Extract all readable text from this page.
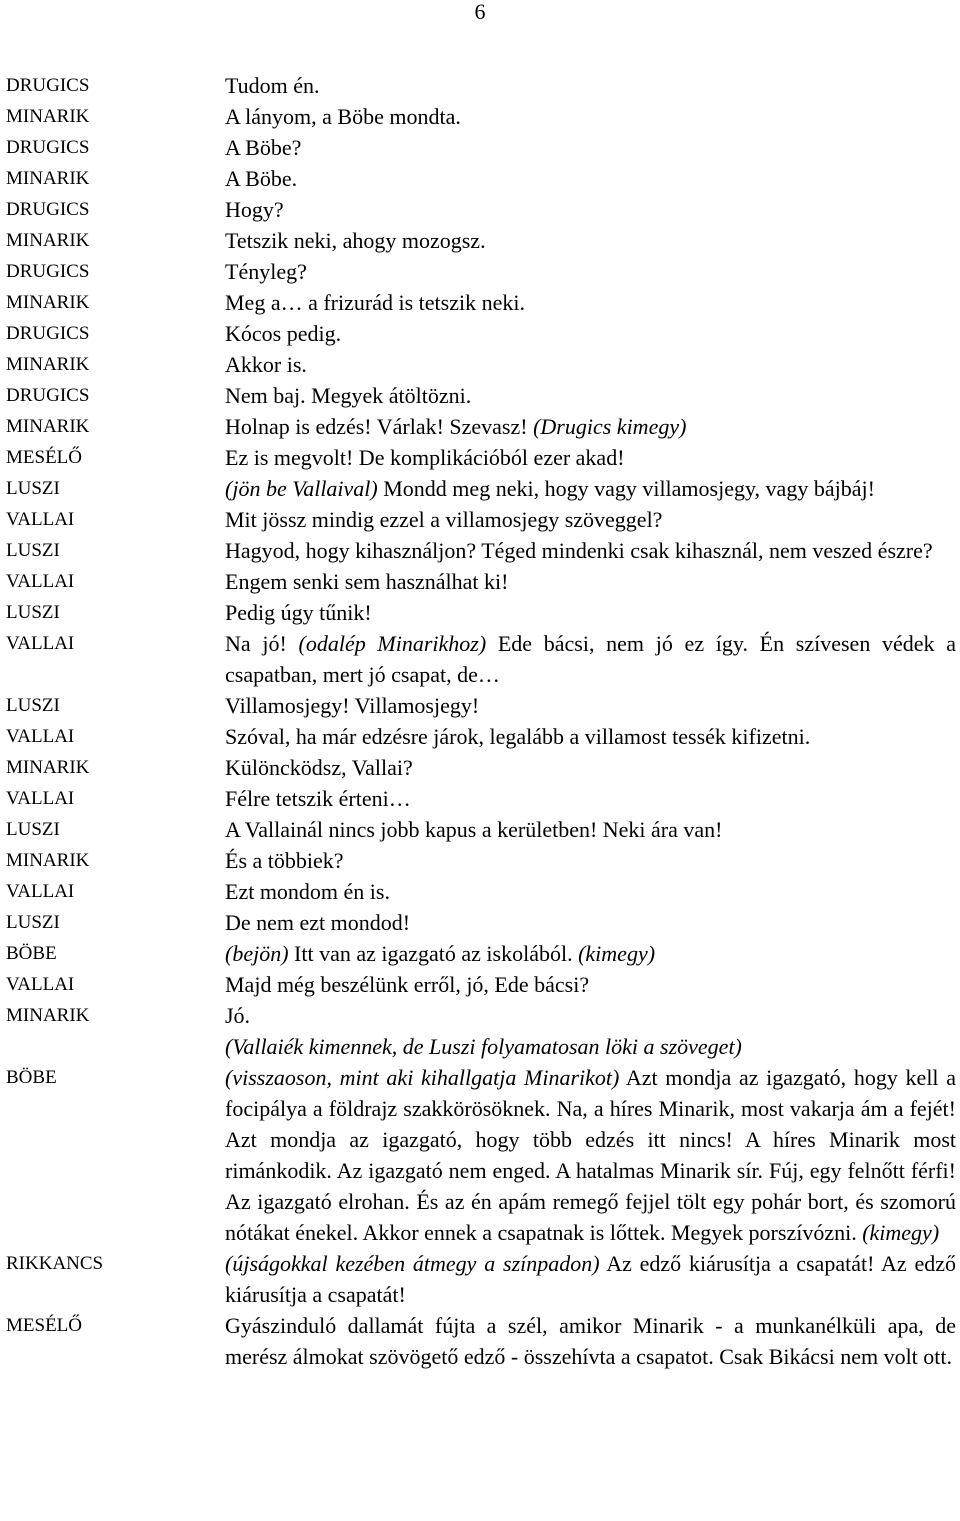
6
DRUGICS	Tudom én.
MINARIK	A lányom, a Böbe mondta.
DRUGICS	A Böbe?
MINARIK	A Böbe.
DRUGICS	Hogy?
MINARIK	Tetszik neki, ahogy mozogsz.
DRUGICS	Tényleg?
MINARIK	Meg a… a frizurád is tetszik neki.
DRUGICS	Kócos pedig.
MINARIK	Akkor is.
DRUGICS	Nem baj. Megyek átöltözni.
MINARIK	Holnap is edzés! Várlak! Szevasz! (Drugics kimegy)
MESÉLŐ	Ez is megvolt! De komplikációból ezer akad!
LUSZI	(jön be Vallaival) Mondd meg neki, hogy vagy villamosjegy, vagy bájbáj!
VALLAI	Mit jössz mindig ezzel a villamosjegy szöveggel?
LUSZI	Hagyod, hogy kihasználjon? Téged mindenki csak kihasznál, nem veszed észre?
VALLAI	Engem senki sem használhat ki!
LUSZI	Pedig úgy tűnik!
VALLAI	Na jó! (odalép Minarikhoz) Ede bácsi, nem jó ez így. Én szívesen védek a csapatban, mert jó csapat, de…
LUSZI	Villamosjegy! Villamosjegy!
VALLAI	Szóval, ha már edzésre járok, legalább a villamost tessék kifizetni.
MINARIK	Különcködsz, Vallai?
VALLAI	Félre tetszik érteni…
LUSZI	A Vallainál nincs jobb kapus a kerületben! Neki ára van!
MINARIK	És a többiek?
VALLAI	Ezt mondom én is.
LUSZI	De nem ezt mondod!
BÖBE	(bejön) Itt van az igazgató az iskolából. (kimegy)
VALLAI	Majd még beszélünk erről, jó, Ede bácsi?
MINARIK	Jó.
(Vallaiék kimennek, de Luszi folyamatosan löki a szöveget)
BÖBE	(visszaoson, mint aki kihallgatja Minarikot) Azt mondja az igazgató, hogy kell a focipálya a földrajz szakkörösöknek. Na, a híres Minarik, most vakarja ám a fejét! Azt mondja az igazgató, hogy több edzés itt nincs! A híres Minarik most rimánkodik. Az igazgató nem enged. A hatalmas Minarik sír. Fúj, egy felnőtt férfi! Az igazgató elrohan. És az én apám remegő fejjel tölt egy pohár bort, és szomorú nótákat énekel. Akkor ennek a csapatnak is lőttek. Megyek porszívózni. (kimegy)
RIKKANCS	(újságokkal kezében átmegy a színpadon) Az edző kiárusítja a csapatát! Az edző kiárusítja a csapatát!
MESÉLŐ	Gyászinduló dallamát fújta a szél, amikor Minarik - a munkanélküli apa, de merész álmokat szövögető edző - összehívta a csapatot. Csak Bikácsi nem volt ott.
